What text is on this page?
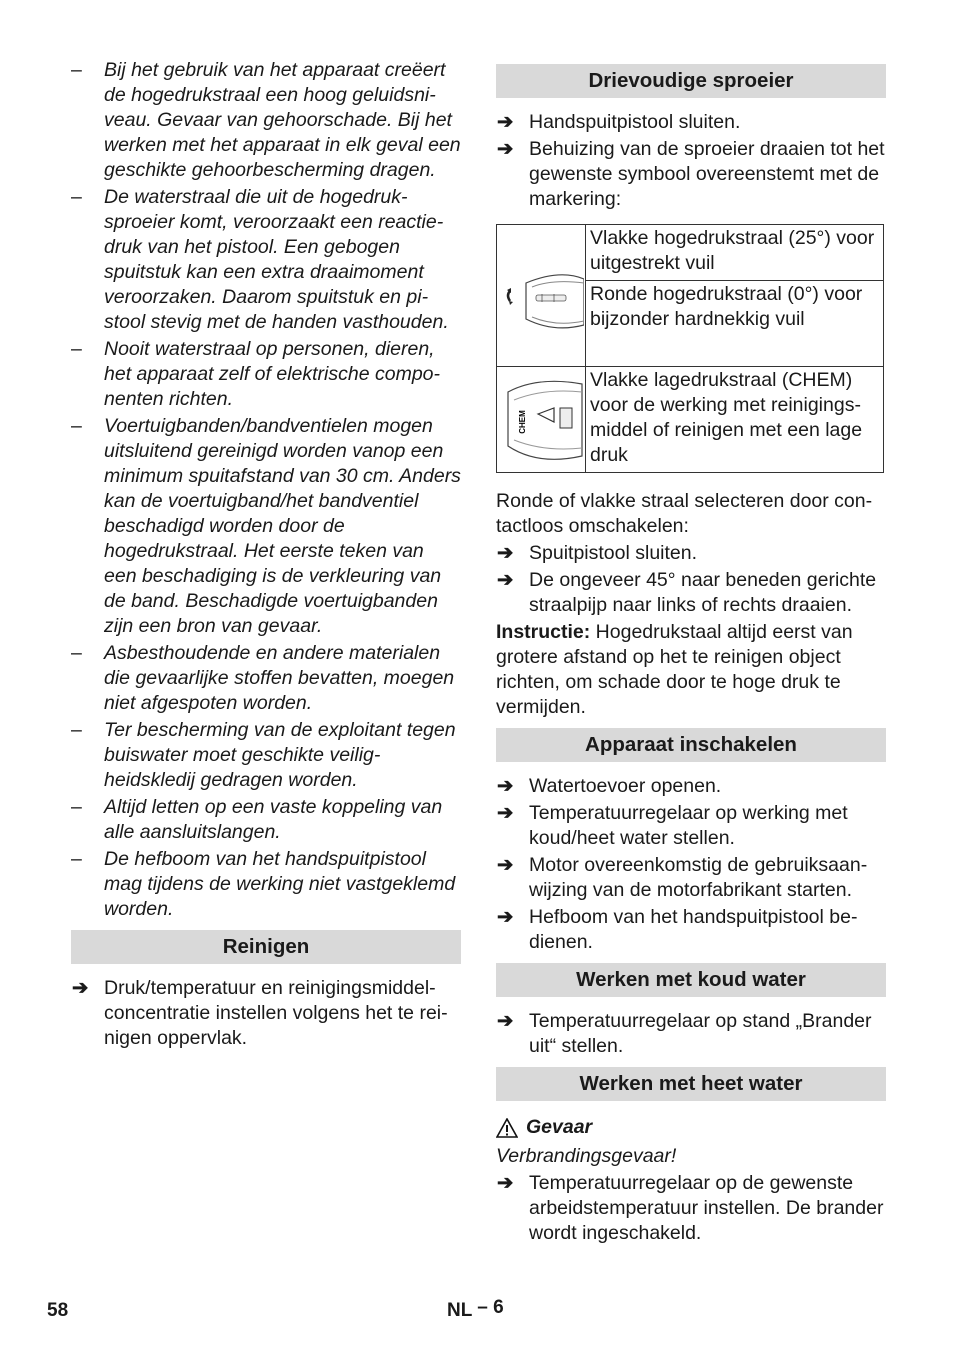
– Bij het gebruik van het apparaat creëert de hogedrukstraal een hoog geluidsniveau. Gevaar van gehoorschade. Bij het werken met het apparaat in elk geval een geschikte gehoorbescherming dragen.
– De waterstraal die uit de hogedruksproeier komt, veroorzaakt een reactiedruk van het pistool. Een gebogen spuitstuk kan een extra draaimoment veroorzaken. Daarom spuitstuk en pistool stevig met de handen vasthouden.
– Nooit waterstraal op personen, dieren, het apparaat zelf of elektrische componenten richten.
– Voertuigbanden/bandventielen mogen uitsluitend gereinigd worden vanop een minimum spuitafstand van 30 cm. Anders kan de voertuigband/het bandventiel beschadigd worden door de hogedrukstraal. Het eerste teken van een beschadiging is de verkleuring van de band. Beschadigde voertuigbanden zijn een bron van gevaar.
– Asbesthoudende en andere materialen die gevaarlijke stoffen bevatten, moegen niet afgespoten worden.
– Ter bescherming van de exploitant tegen buiswater moet geschikte veiligheidskledij gedragen worden.
– Altijd letten op een vaste koppeling van alle aansluitslangen.
– De hefboom van het handspuitpistool mag tijdens de werking niet vastgeklemd worden.
Reinigen
➔ Druk/temperatuur en reinigingsmiddelconcentratie instellen volgens het te reinigen oppervlak.
Drievoudige sproeier
➔ Handspuitpistool sluiten.
➔ Behuizing van de sproeier draaien tot het gewenste symbool overeenstemt met de markering:
	Vlakke hogedrukstraal (25°) voor uitgestrekt vuil
	Ronde hogedrukstraal (0°) voor bijzonder hardnekkig vuil

CHEM	Vlakke lagedrukstraal (CHEM) voor de werking met reinigingsmiddel of reinigen met een lage druk

Ronde of vlakke straal selecteren door contactloos omschakelen:

➔ Spuitpistool sluiten.
➔ De ongeveer 45° naar beneden gerichte straalpijp naar links of rechts draaien.

Instructie: Hogedrukstaal altijd eerst van grotere afstand op het te reinigen object richten, om schade door te hoge druk te vermijden.

Apparaat inschakelen
➔ Watertoevoer openen.
➔ Temperatuurregelaar op werking met koud/heet water stellen.
➔ Motor overeenkomstig de gebruiksaanwijzing van de motorfabrikant starten.
➔ Hefboom van het handspuitpistool bedienen.
Werken met koud water
➔ Temperatuurregelaar op stand „Brander uit“ stellen.
Werken met heet water
Gevaar

Verbrandingsgevaar!

➔ Temperatuurregelaar op de gewenste arbeidstemperatuur instellen. De brander wordt ingeschakeld.
58	NL – 6
